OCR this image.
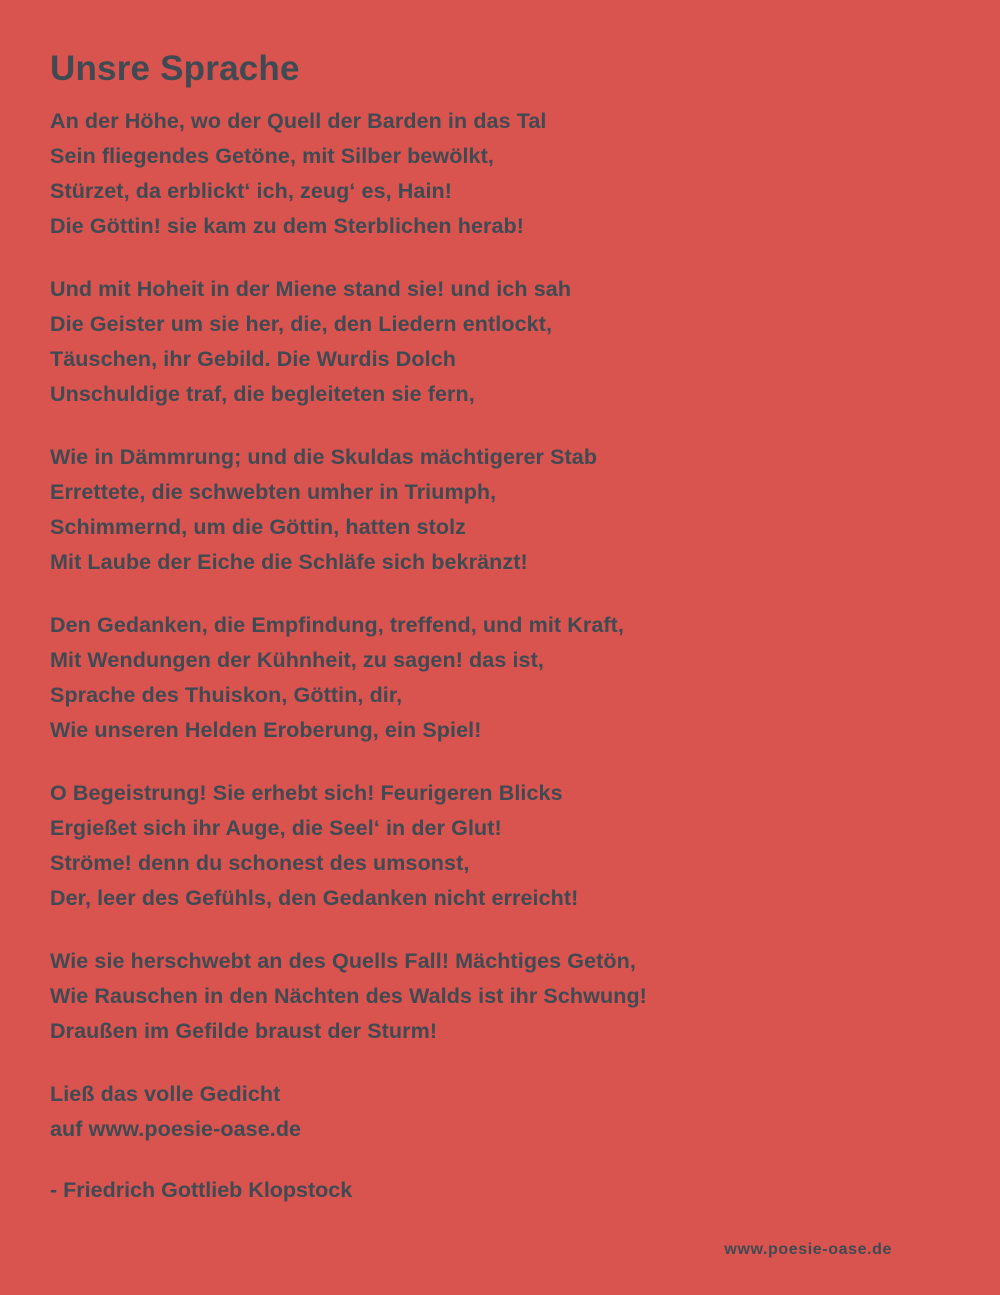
Unsre Sprache
An der Höhe, wo der Quell der Barden in das Tal
Sein fliegendes Getöne, mit Silber bewölkt,
Stürzet, da erblickt‘ ich, zeug‘ es, Hain!
Die Göttin! sie kam zu dem Sterblichen herab!
Und mit Hoheit in der Miene stand sie! und ich sah
Die Geister um sie her, die, den Liedern entlockt,
Täuschen, ihr Gebild. Die Wurdis Dolch
Unschuldige traf, die begleiteten sie fern,
Wie in Dämmrung; und die Skuldas mächtigerer Stab
Errettete, die schwebten umher in Triumph,
Schimmernd, um die Göttin, hatten stolz
Mit Laube der Eiche die Schläfe sich bekränzt!
Den Gedanken, die Empfindung, treffend, und mit Kraft,
Mit Wendungen der Kühnheit, zu sagen! das ist,
Sprache des Thuiskon, Göttin, dir,
Wie unseren Helden Eroberung, ein Spiel!
O Begeistrung! Sie erhebt sich! Feurigeren Blicks
Ergießet sich ihr Auge, die Seel‘ in der Glut!
Ströme! denn du schonest des umsonst,
Der, leer des Gefühls, den Gedanken nicht erreicht!
Wie sie herschwebt an des Quells Fall! Mächtiges Getön,
Wie Rauschen in den Nächten des Walds ist ihr Schwung!
Draußen im Gefilde braust der Sturm!
Ließ das volle Gedicht
auf www.poesie-oase.de
- Friedrich Gottlieb Klopstock
www.poesie-oase.de
